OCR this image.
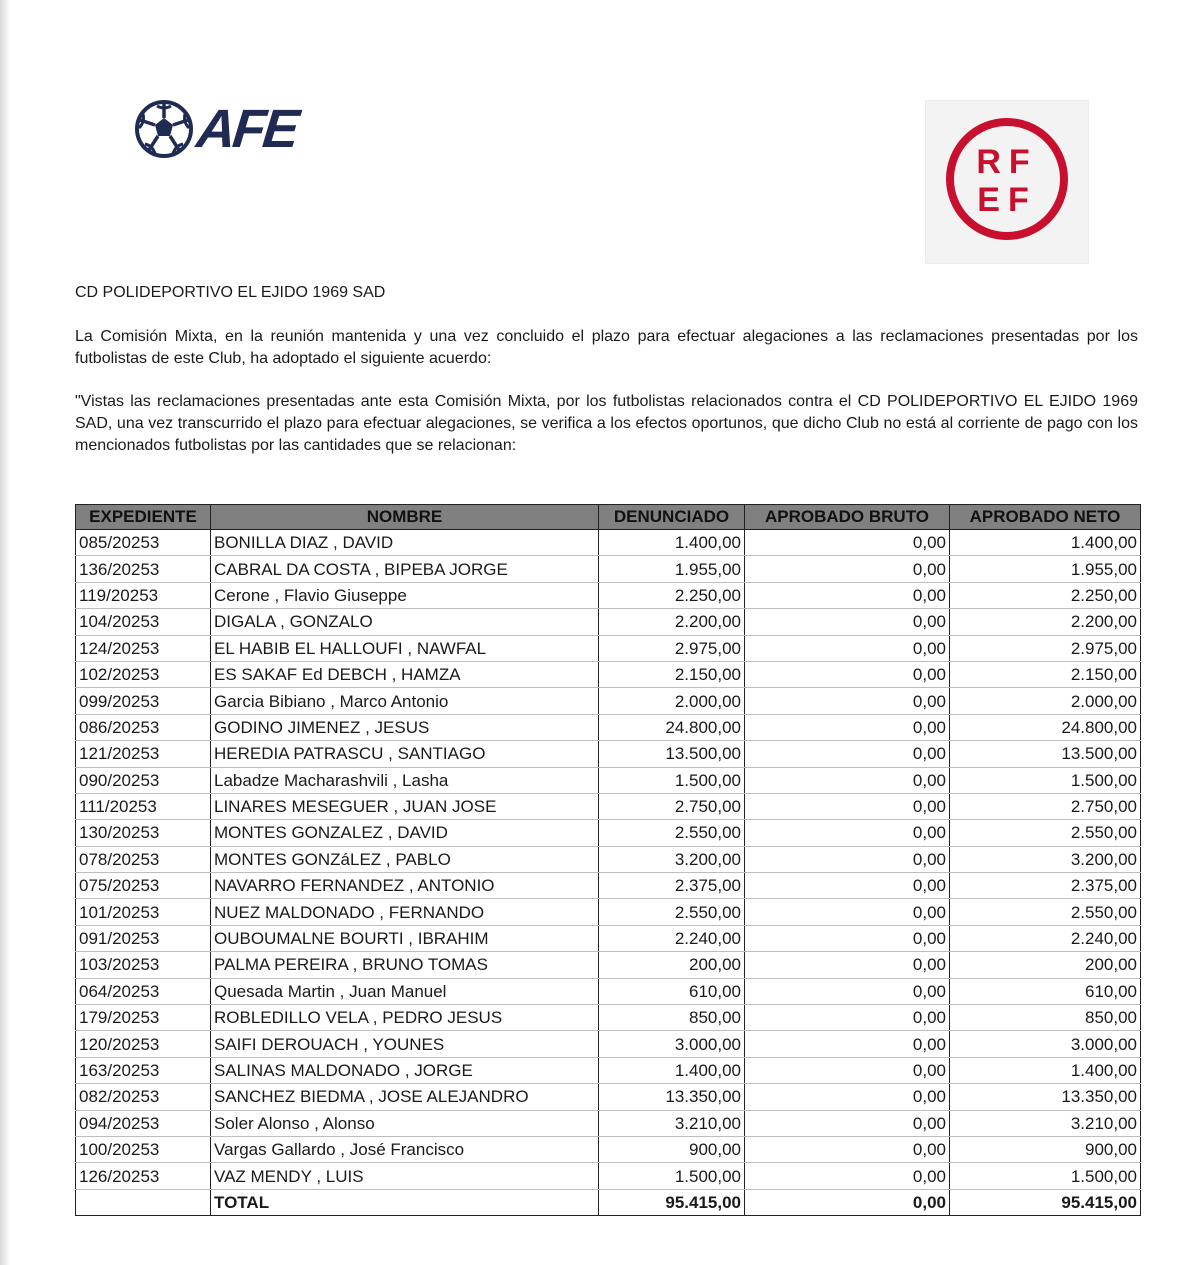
AFE
RF
EF
CD POLIDEPORTIVO EL EJIDO 1969 SAD
La Comisión Mixta, en la reunión mantenida y una vez concluido el plazo para efectuar alegaciones a las reclamaciones presentadas por los futbolistas de este Club, ha adoptado el siguiente acuerdo:
"Vistas las reclamaciones presentadas ante esta Comisión Mixta, por los futbolistas relacionados contra el CD POLIDEPORTIVO EL EJIDO 1969 SAD, una vez transcurrido el plazo para efectuar alegaciones, se verifica a los efectos oportunos, que dicho Club no está al corriente de pago con los mencionados futbolistas por las cantidades que se relacionan:
EXPEDIENTE	NOMBRE	DENUNCIADO	APROBADO BRUTO	APROBADO NETO
085/20253	BONILLA DIAZ , DAVID	1.400,00	0,00	1.400,00
136/20253	CABRAL DA COSTA , BIPEBA JORGE	1.955,00	0,00	1.955,00
119/20253	Cerone , Flavio Giuseppe	2.250,00	0,00	2.250,00
104/20253	DIGALA , GONZALO	2.200,00	0,00	2.200,00
124/20253	EL HABIB EL HALLOUFI , NAWFAL	2.975,00	0,00	2.975,00
102/20253	ES SAKAF Ed DEBCH , HAMZA	2.150,00	0,00	2.150,00
099/20253	Garcia Bibiano , Marco Antonio	2.000,00	0,00	2.000,00
086/20253	GODINO JIMENEZ , JESUS	24.800,00	0,00	24.800,00
121/20253	HEREDIA PATRASCU , SANTIAGO	13.500,00	0,00	13.500,00
090/20253	Labadze Macharashvili , Lasha	1.500,00	0,00	1.500,00
111/20253	LINARES MESEGUER , JUAN JOSE	2.750,00	0,00	2.750,00
130/20253	MONTES GONZALEZ , DAVID	2.550,00	0,00	2.550,00
078/20253	MONTES GONZáLEZ , PABLO	3.200,00	0,00	3.200,00
075/20253	NAVARRO FERNANDEZ , ANTONIO	2.375,00	0,00	2.375,00
101/20253	NUEZ MALDONADO , FERNANDO	2.550,00	0,00	2.550,00
091/20253	OUBOUMALNE BOURTI , IBRAHIM	2.240,00	0,00	2.240,00
103/20253	PALMA PEREIRA , BRUNO TOMAS	200,00	0,00	200,00
064/20253	Quesada Martin , Juan Manuel	610,00	0,00	610,00
179/20253	ROBLEDILLO VELA , PEDRO JESUS	850,00	0,00	850,00
120/20253	SAIFI DEROUACH , YOUNES	3.000,00	0,00	3.000,00
163/20253	SALINAS MALDONADO , JORGE	1.400,00	0,00	1.400,00
082/20253	SANCHEZ BIEDMA , JOSE ALEJANDRO	13.350,00	0,00	13.350,00
094/20253	Soler Alonso , Alonso	3.210,00	0,00	3.210,00
100/20253	Vargas Gallardo , José Francisco	900,00	0,00	900,00
126/20253	VAZ MENDY , LUIS	1.500,00	0,00	1.500,00
	TOTAL	95.415,00	0,00	95.415,00
